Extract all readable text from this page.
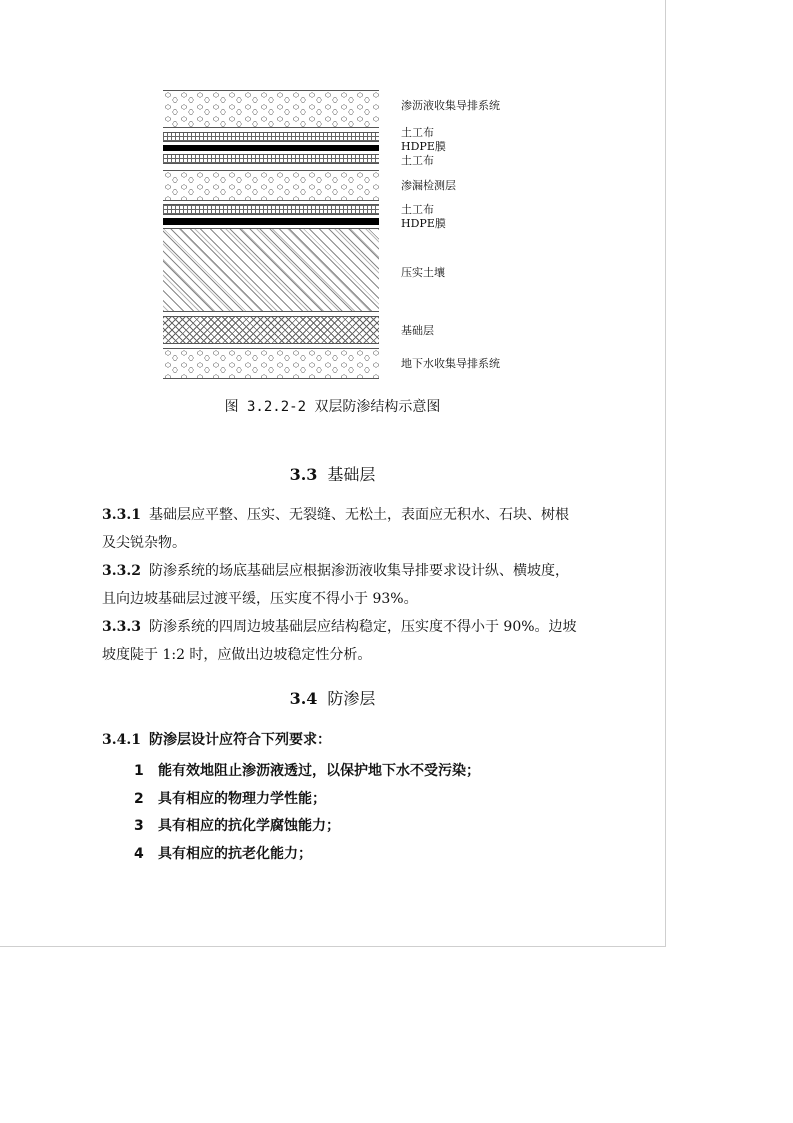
渗沥液收集导排系统
土工布
HDPE膜
土工布
渗漏检测层
土工布
HDPE膜
压实土壤
基础层
地下水收集导排系统
图 3.2.2-2 双层防渗结构示意图
3.3 基础层
3.3.1 基础层应平整、压实、无裂缝、无松土，表面应无积水、石块、树根及尖锐杂物。
3.3.2 防渗系统的场底基础层应根据渗沥液收集导排要求设计纵、横坡度，且向边坡基础层过渡平缓，压实度不得小于 93%。
3.3.3 防渗系统的四周边坡基础层应结构稳定，压实度不得小于 90%。边坡坡度陡于 1:2 时，应做出边坡稳定性分析。
3.4 防渗层
3.4.1 防渗层设计应符合下列要求：
1 能有效地阻止渗沥液透过，以保护地下水不受污染；
2 具有相应的物理力学性能；
3 具有相应的抗化学腐蚀能力；
4 具有相应的抗老化能力；
